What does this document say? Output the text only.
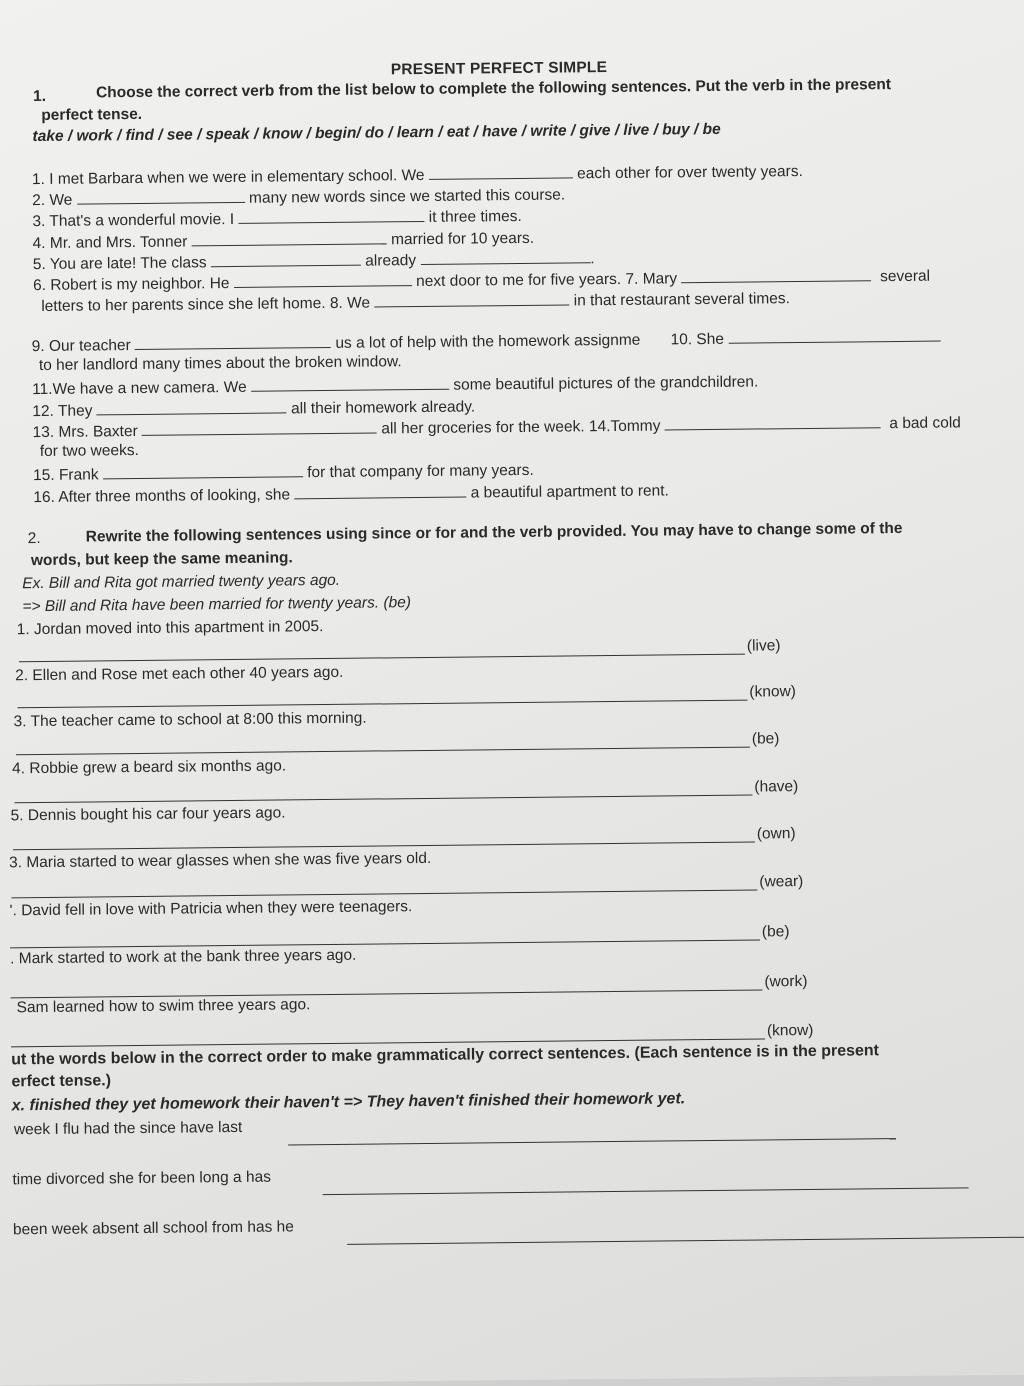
PRESENT PERFECT SIMPLE
1.	Choose the correct verb from the list below to complete the following sentences. Put the verb in the present
perfect tense.
take / work / find / see / speak / know / begin/ do / learn / eat / have / write / give / live / buy / be
1. I met Barbara when we were in elementary school. We	each other for over twenty years.
2. We	many new words since we started this course.
3. That's a wonderful movie. I	it three times.
4. Mr. and Mrs. Tonner	married for 10 years.
5. You are late! The class	already	.
6. Robert is my neighbor. He	next door to me for five years. 7. Mary	several
letters to her parents since she left home. 8. We	in that restaurant several times.
9. Our teacher	us a lot of help with the homework assignme 10. She
to her landlord many times about the broken window.
11.We have a new camera. We	some beautiful pictures of the grandchildren.
12. They	all their homework already.
13. Mrs. Baxter	all her groceries for the week. 14.Tommy	a bad cold
for two weeks.
15. Frank	for that company for many years.
16. After three months of looking, she	a beautiful apartment to rent.
2.	Rewrite the following sentences using since or for and the verb provided. You may have to change some of the
words, but keep the same meaning.
Ex. Bill and Rita got married twenty years ago.
=> Bill and Rita have been married for twenty years. (be)
1. Jordan moved into this apartment in 2005.
(live)
2. Ellen and Rose met each other 40 years ago.
(know)
3. The teacher came to school at 8:00 this morning.
(be)
4. Robbie grew a beard six months ago.
(have)
5. Dennis bought his car four years ago.
(own)
3. Maria started to wear glasses when she was five years old.
(wear)
'. David fell in love with Patricia when they were teenagers.
(be)
. Mark started to work at the bank three years ago.
(work)
Sam learned how to swim three years ago.
(know)
ut the words below in the correct order to make grammatically correct sentences. (Each sentence is in the present
erfect tense.)
x. finished they yet homework their haven't => They haven't finished their homework yet.
week I flu had the since have last
time divorced she for been long a has
been week absent all school from has he
